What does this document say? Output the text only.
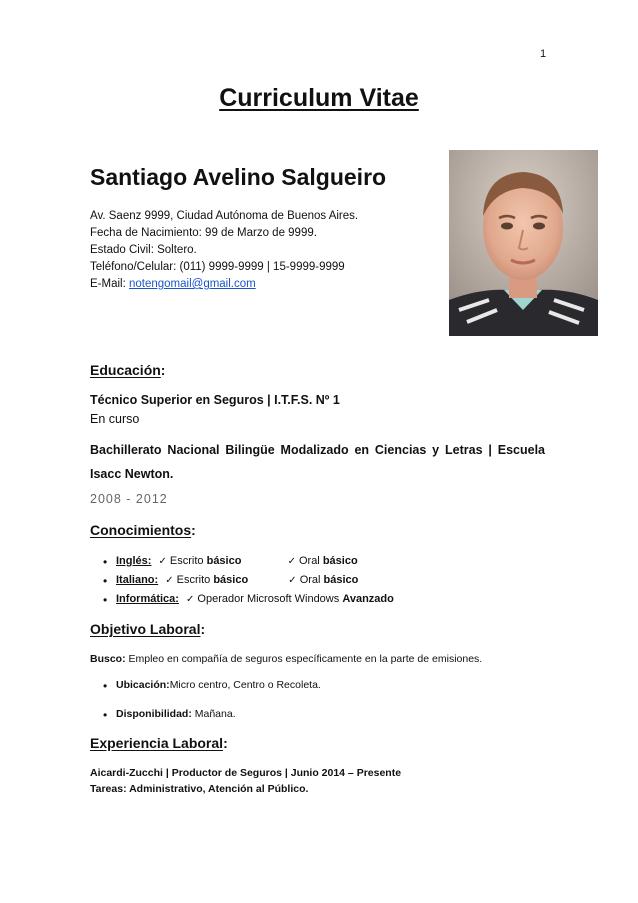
1
Curriculum Vitae
Santiago Avelino Salgueiro
Av. Saenz 9999, Ciudad Autónoma de Buenos Aires.
Fecha de Nacimiento: 99 de Marzo de 9999.
Estado Civil: Soltero.
Teléfono/Celular: (011) 9999-9999 | 15-9999-9999
E-Mail: notengomail@gmail.com
Educación:
Técnico Superior en Seguros | I.T.F.S. Nº 1
En curso
Bachillerato Nacional Bilingüe Modalizado en Ciencias y Letras | Escuela Isacc Newton.
2008 - 2012
Conocimientos:
• Inglés: ✓ Escrito básico	✓ Oral básico
• Italiano: ✓ Escrito básico	✓ Oral básico
• Informática: ✓ Operador Microsoft Windows Avanzado
Objetivo Laboral:
Busco: Empleo en compañía de seguros específicamente en la parte de emisiones.
• Ubicación:Micro centro, Centro o Recoleta.
• Disponibilidad: Mañana.
Experiencia Laboral:
Aicardi-Zucchi | Productor de Seguros | Junio 2014 – Presente
Tareas: Administrativo, Atención al Público.
